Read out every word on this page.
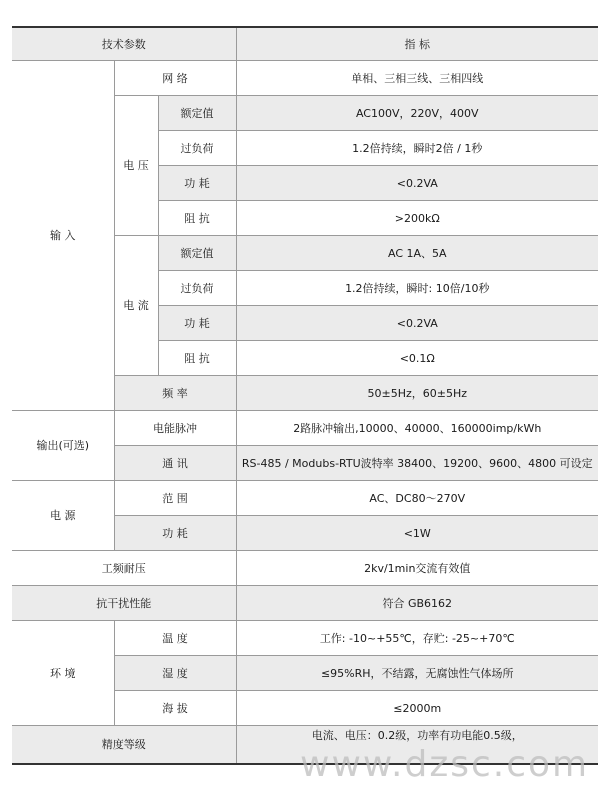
技术参数			指 标
输 入	网 络		单相、三相三线、三相四线
	电 压	额定值	AC100V，220V，400V
		过负荷	1.2倍持续，瞬时2倍 / 1秒
		功 耗	<0.2VA
		阻 抗	>200kΩ
	电 流	额定值	AC 1A、5A
		过负荷	1.2倍持续，瞬时: 10倍/10秒
		功 耗	<0.2VA
		阻 抗	<0.1Ω
	频 率		50±5Hz，60±5Hz
输出(可选)	电能脉冲		2路脉冲输出,10000、40000、160000imp/kWh
	通 讯		RS-485 / Modubs-RTU波特率 38400、19200、9600、4800 可设定
电 源	范 围		AC、DC80～270V
	功 耗		<1W
工频耐压			2kv/1min交流有效值
抗干扰性能			符合 GB6162
环 境	温 度		工作: -10~+55℃，存贮: -25~+70℃
	湿 度		≤95%RH，不结露，无腐蚀性气体场所
	海 拔		≤2000m
精度等级			电流、电压：0.2级，功率有功电能0.5级，
www.dzsc.com
